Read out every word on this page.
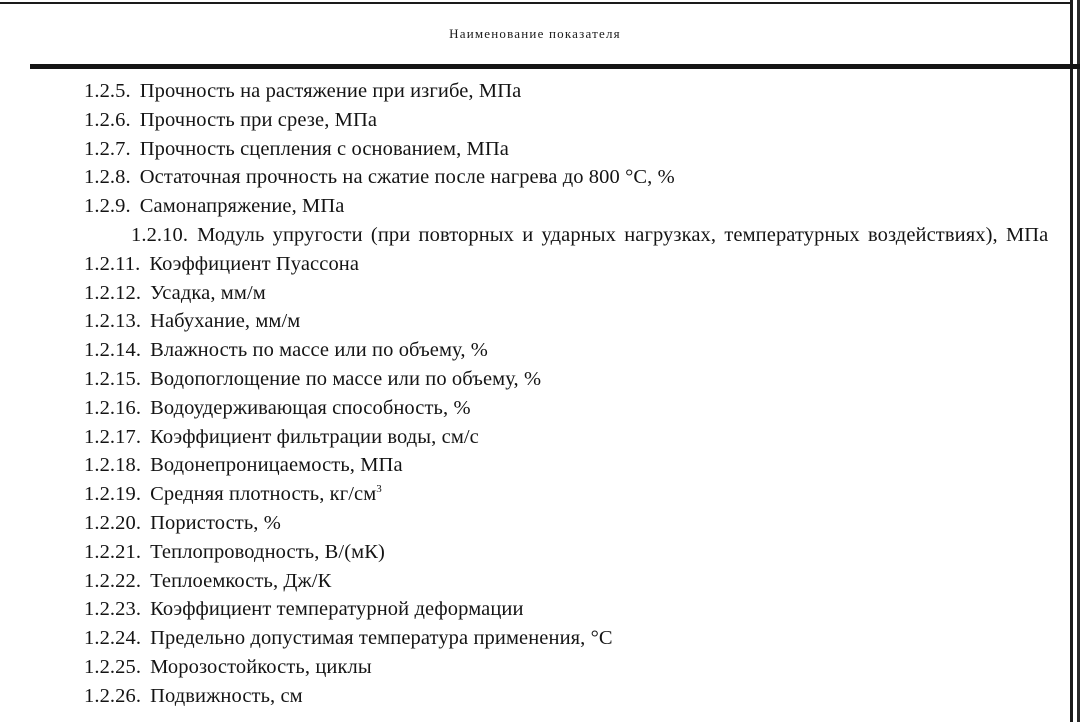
Наименование показателя
1.2.5. Прочность на растяжение при изгибе, МПа
1.2.6. Прочность при срезе, МПа
1.2.7. Прочность сцепления с основанием, МПа
1.2.8. Остаточная прочность на сжатие после нагрева до 800 °С, %
1.2.9. Самонапряжение, МПа
1.2.10. Модуль упругости (при повторных и ударных нагрузках, температурных воздействиях), МПа
1.2.11. Коэффициент Пуассона
1.2.12. Усадка, мм/м
1.2.13. Набухание, мм/м
1.2.14. Влажность по массе или по объему, %
1.2.15. Водопоглощение по массе или по объему, %
1.2.16. Водоудерживающая способность, %
1.2.17. Коэффициент фильтрации воды, см/с
1.2.18. Водонепроницаемость, МПа
1.2.19. Средняя плотность, $кг/см^3$
1.2.20. Пористость, %
1.2.21. Теплопроводность, В/(мК)
1.2.22. Теплоемкость, Дж/К
1.2.23. Коэффициент температурной деформации
1.2.24. Предельно допустимая температура применения, °С
1.2.25. Морозостойкость, циклы
1.2.26. Подвижность, см
